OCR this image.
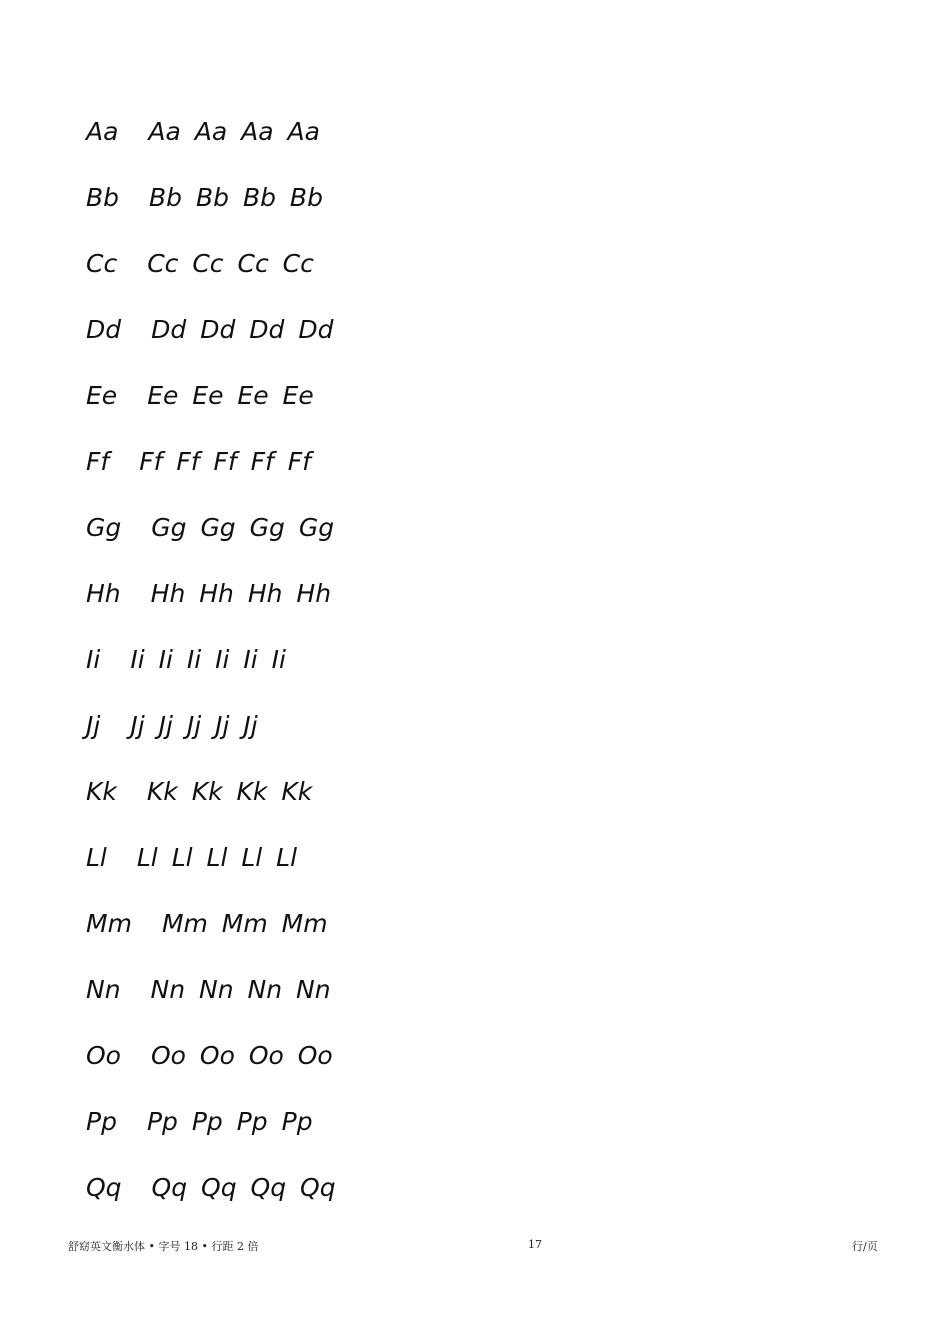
Aa Aa Aa Aa Aa
Bb Bb Bb Bb Bb
Cc Cc Cc Cc Cc
Dd Dd Dd Dd Dd
Ee Ee Ee Ee Ee
Ff Ff Ff Ff Ff Ff
Gg Gg Gg Gg Gg
Hh Hh Hh Hh Hh
Ii Ii Ii Ii Ii Ii Ii
Jj Jj Jj Jj Jj Jj
Kk Kk Kk Kk Kk
Ll Ll Ll Ll Ll Ll
Mm Mm Mm Mm
Nn Nn Nn Nn Nn
Oo Oo Oo Oo Oo
Pp Pp Pp Pp Pp
Qq Qq Qq Qq Qq
舒窈英文衡水体 • 字号 18 • 行距 2 倍	17	行/页
